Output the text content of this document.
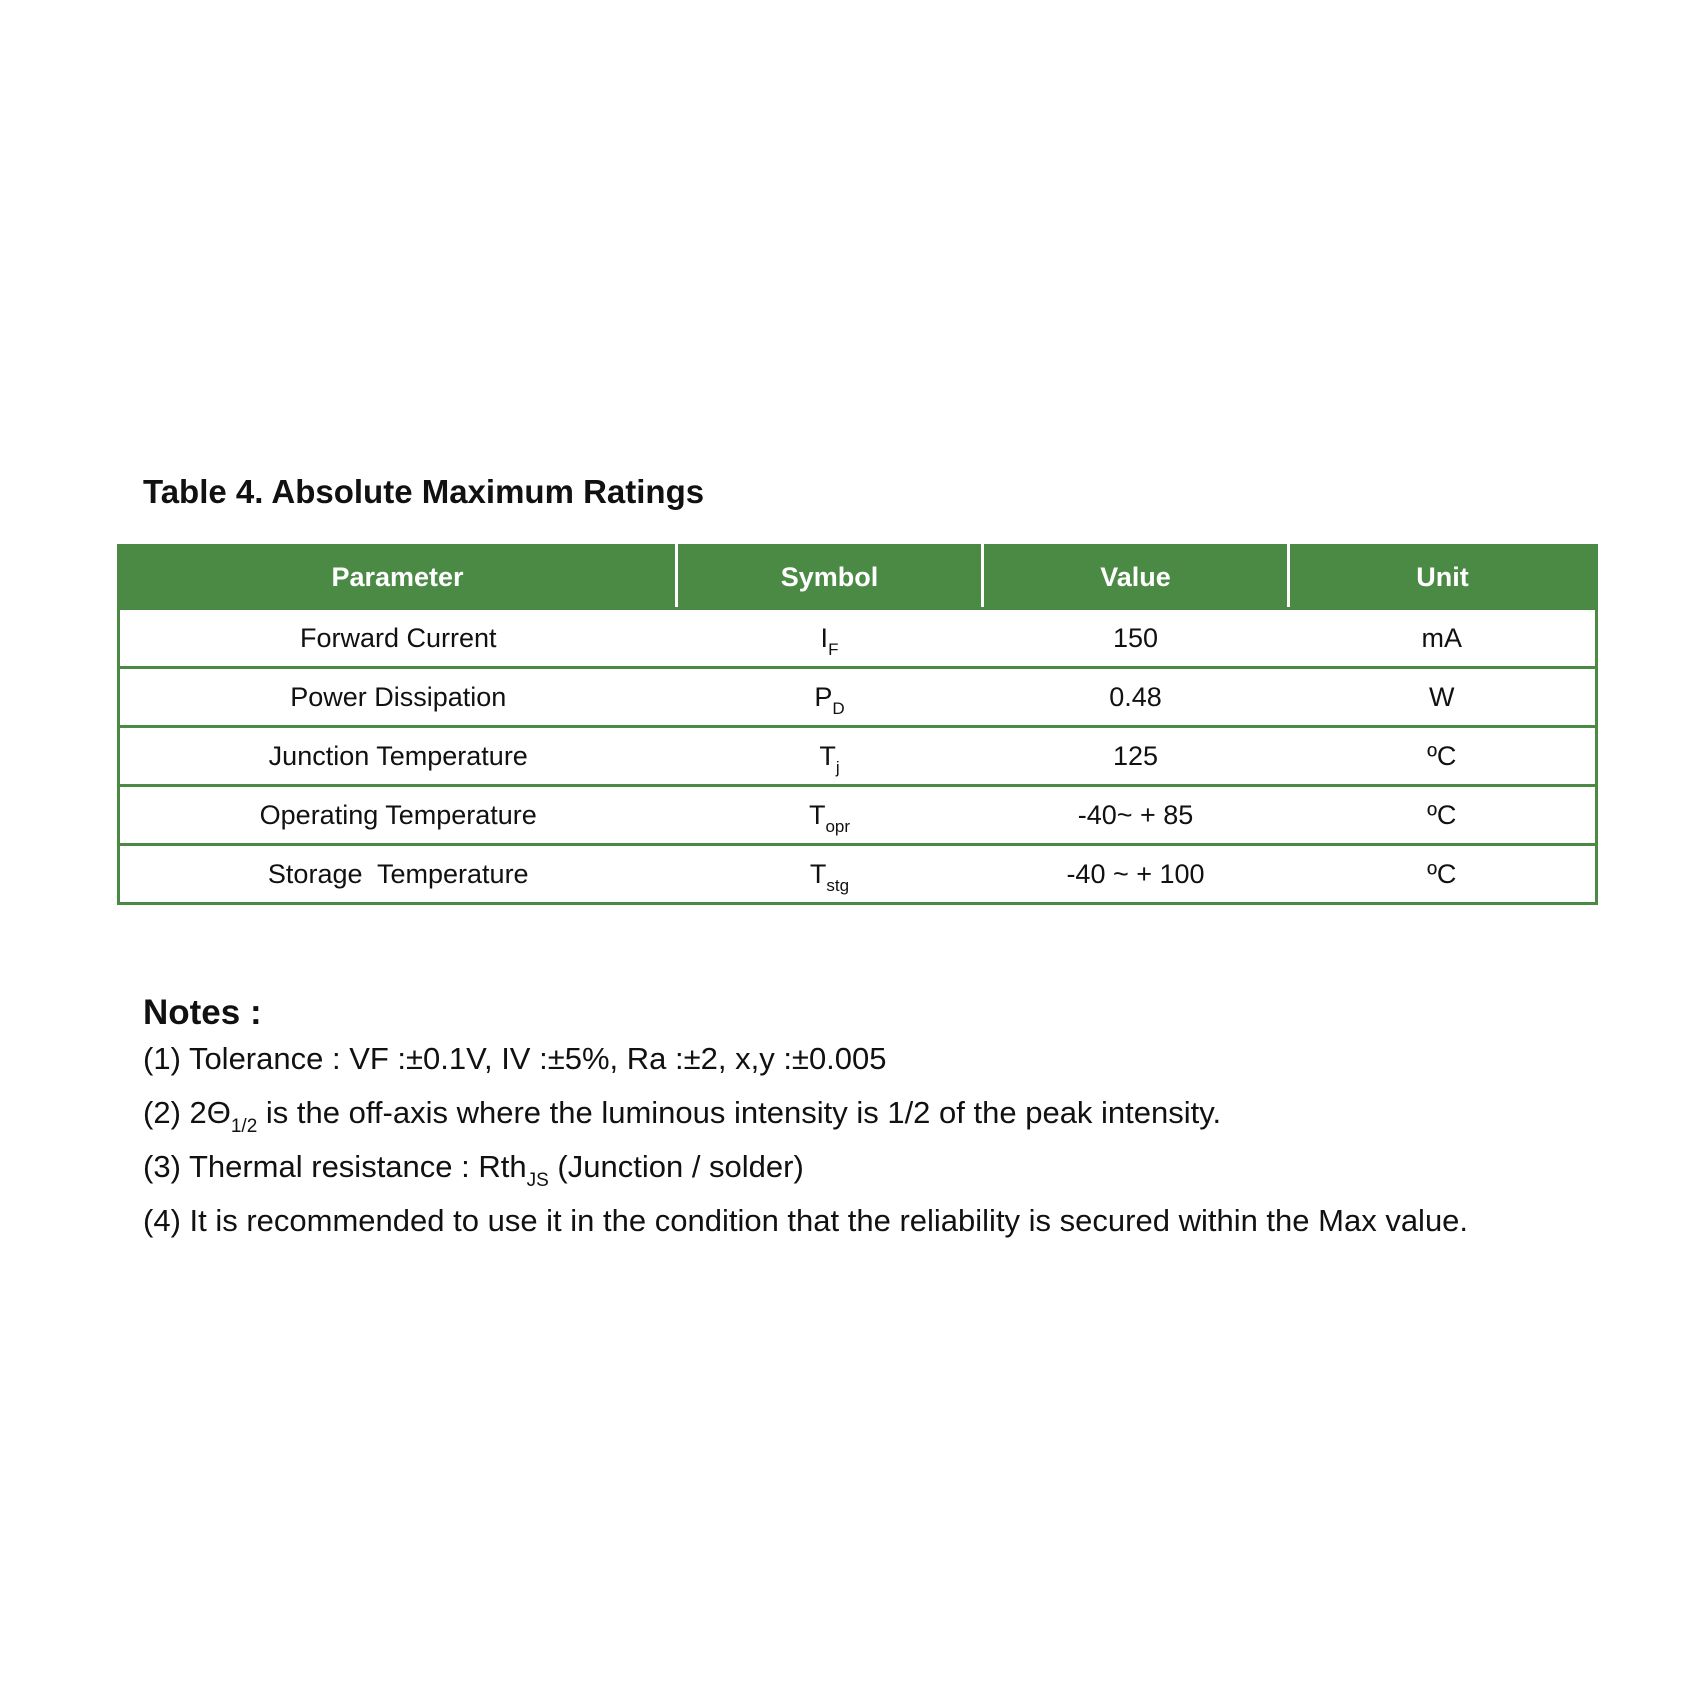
Table 4. Absolute Maximum Ratings
Parameter	Symbol	Value	Unit
Forward Current	$I_F$	150	mA
Power Dissipation	$P_D$	0.48	W
Junction Temperature	$T_j$	125	ºC
Operating Temperature	$T_{opr}$	-40~ + 85	ºC
Storage  Temperature	$T_{stg}$	-40 ~ + 100	ºC
Notes :
(1) Tolerance : VF :±0.1V, IV :±5%, Ra :±2, x,y :±0.005
(2) $2\Theta_{1/2}$ is the off-axis where the luminous intensity is 1/2 of the peak intensity.
(3) Thermal resistance : Rth$_{JS}$ (Junction / solder)
(4) It is recommended to use it in the condition that the reliability is secured within the Max value.
